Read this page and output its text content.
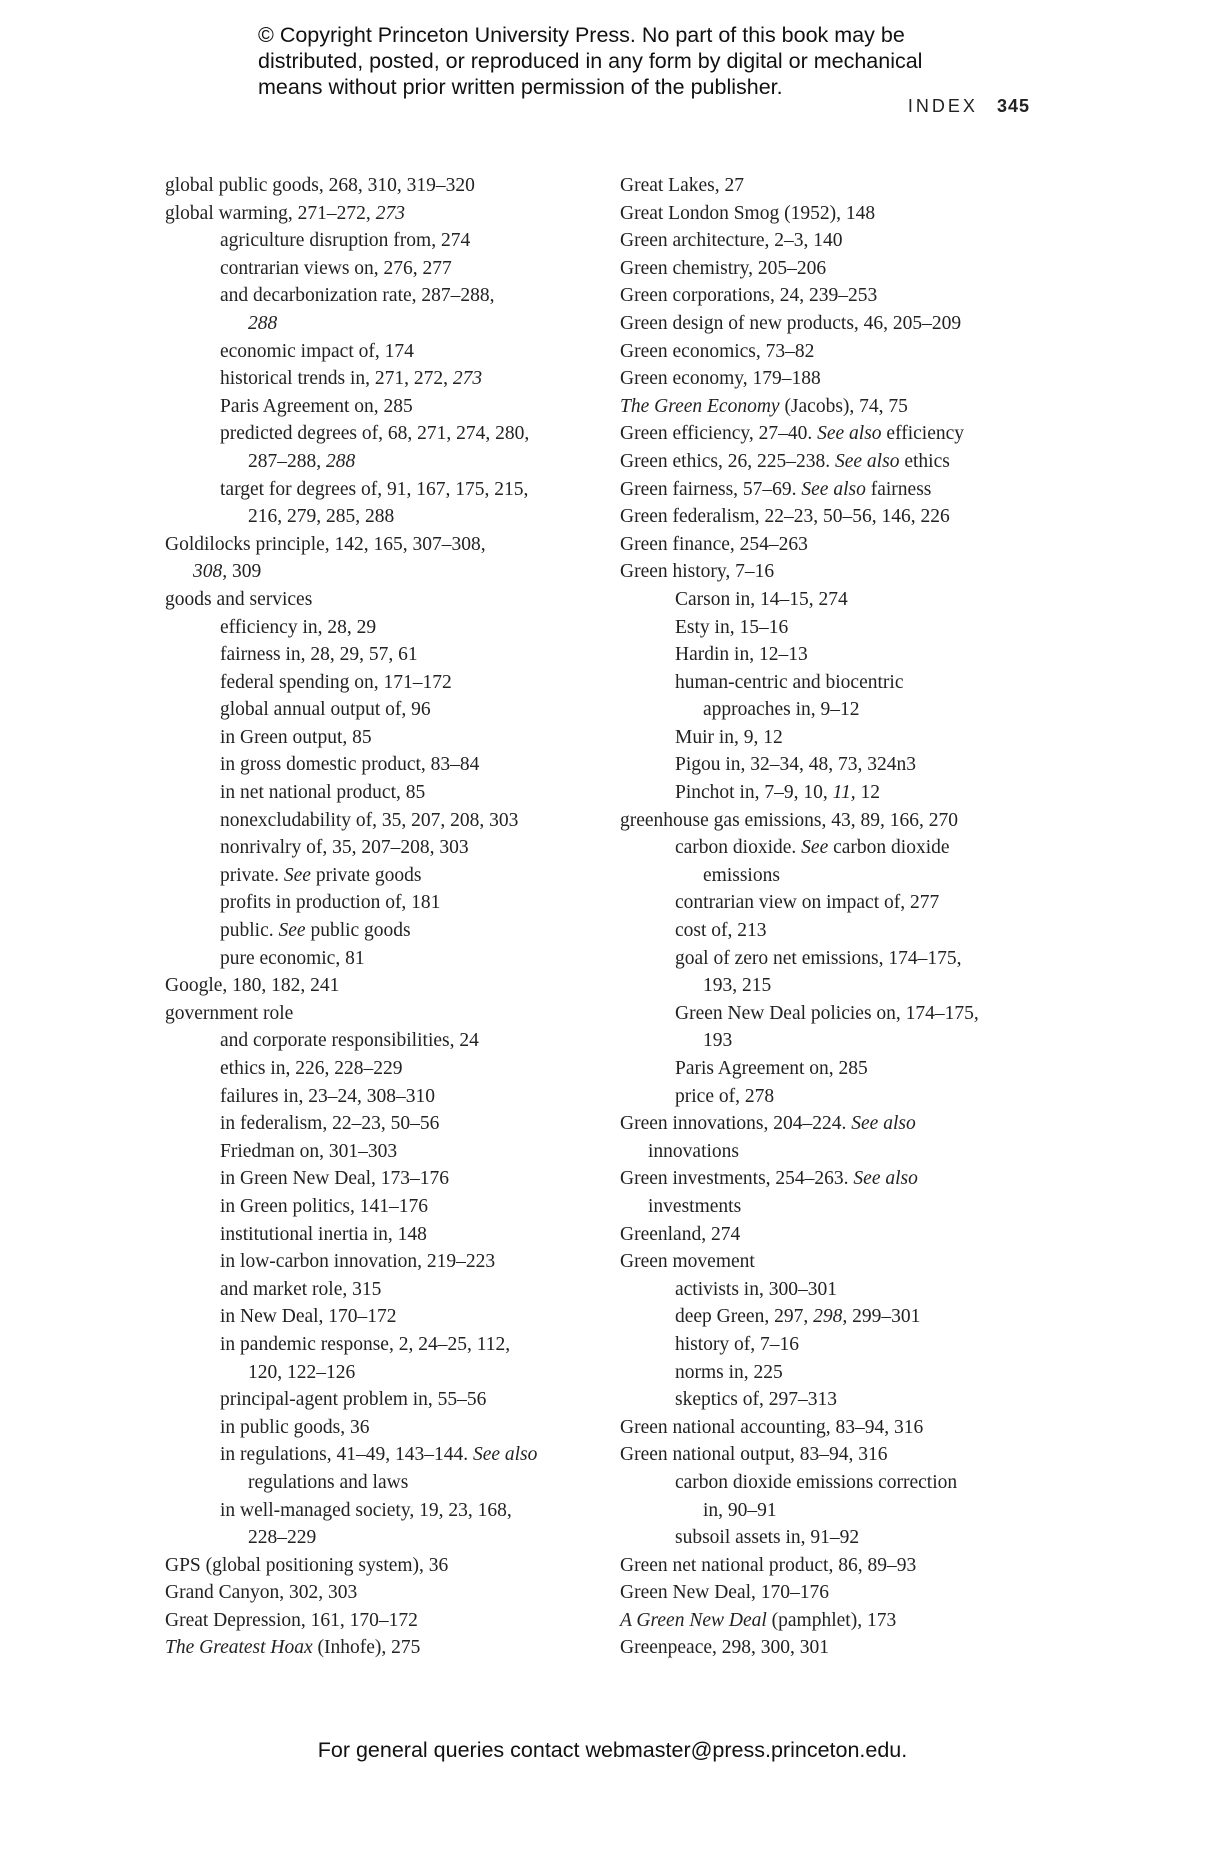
© Copyright Princeton University Press. No part of this book may be
distributed, posted, or reproduced in any form by digital or mechanical
means without prior written permission of the publisher.
INDEX 345
global public goods, 268, 310, 319–320
global warming, 271–272, 273
agriculture disruption from, 274
contrarian views on, 276, 277
and decarbonization rate, 287–288,
288
economic impact of, 174
historical trends in, 271, 272, 273
Paris Agreement on, 285
predicted degrees of, 68, 271, 274, 280,
287–288, 288
target for degrees of, 91, 167, 175, 215,
216, 279, 285, 288
Goldilocks principle, 142, 165, 307–308,
308, 309
goods and services
efficiency in, 28, 29
fairness in, 28, 29, 57, 61
federal spending on, 171–172
global annual output of, 96
in Green output, 85
in gross domestic product, 83–84
in net national product, 85
nonexcludability of, 35, 207, 208, 303
nonrivalry of, 35, 207–208, 303
private. See private goods
profits in production of, 181
public. See public goods
pure economic, 81
Google, 180, 182, 241
government role
and corporate responsibilities, 24
ethics in, 226, 228–229
failures in, 23–24, 308–310
in federalism, 22–23, 50–56
Friedman on, 301–303
in Green New Deal, 173–176
in Green politics, 141–176
institutional inertia in, 148
in low-carbon innovation, 219–223
and market role, 315
in New Deal, 170–172
in pandemic response, 2, 24–25, 112,
120, 122–126
principal-agent problem in, 55–56
in public goods, 36
in regulations, 41–49, 143–144. See also
regulations and laws
in well-managed society, 19, 23, 168,
228–229
GPS (global positioning system), 36
Grand Canyon, 302, 303
Great Depression, 161, 170–172
The Greatest Hoax (Inhofe), 275
Great Lakes, 27
Great London Smog (1952), 148
Green architecture, 2–3, 140
Green chemistry, 205–206
Green corporations, 24, 239–253
Green design of new products, 46, 205–209
Green economics, 73–82
Green economy, 179–188
The Green Economy (Jacobs), 74, 75
Green efficiency, 27–40. See also efficiency
Green ethics, 26, 225–238. See also ethics
Green fairness, 57–69. See also fairness
Green federalism, 22–23, 50–56, 146, 226
Green finance, 254–263
Green history, 7–16
Carson in, 14–15, 274
Esty in, 15–16
Hardin in, 12–13
human-centric and biocentric
approaches in, 9–12
Muir in, 9, 12
Pigou in, 32–34, 48, 73, 324n3
Pinchot in, 7–9, 10, 11, 12
greenhouse gas emissions, 43, 89, 166, 270
carbon dioxide. See carbon dioxide
emissions
contrarian view on impact of, 277
cost of, 213
goal of zero net emissions, 174–175,
193, 215
Green New Deal policies on, 174–175,
193
Paris Agreement on, 285
price of, 278
Green innovations, 204–224. See also
innovations
Green investments, 254–263. See also
investments
Greenland, 274
Green movement
activists in, 300–301
deep Green, 297, 298, 299–301
history of, 7–16
norms in, 225
skeptics of, 297–313
Green national accounting, 83–94, 316
Green national output, 83–94, 316
carbon dioxide emissions correction
in, 90–91
subsoil assets in, 91–92
Green net national product, 86, 89–93
Green New Deal, 170–176
A Green New Deal (pamphlet), 173
Greenpeace, 298, 300, 301
For general queries contact webmaster@press.princeton.edu.
